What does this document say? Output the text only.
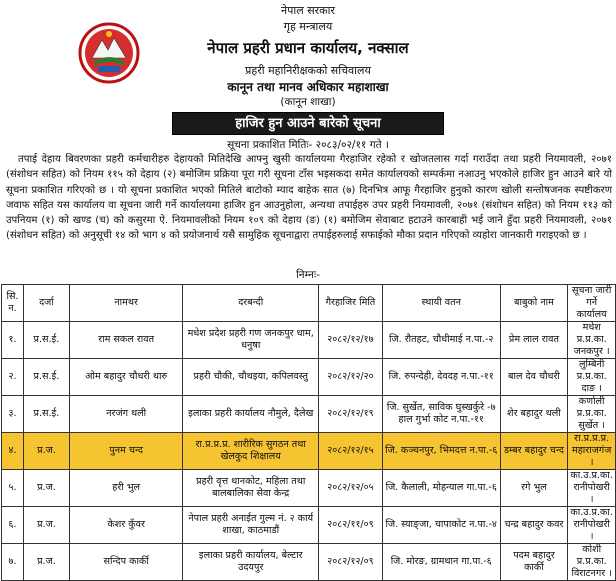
नेपाल सरकार
गृह मन्त्रालय
नेपाल प्रहरी प्रधान कार्यालय, नक्साल
प्रहरी महानिरीक्षकको सचिवालय
कानून तथा मानव अधिकार महाशाखा
(कानून शाखा)
हाजिर हुन आउने बारेको सूचना
सूचना प्रकाशित मितिः- २०८३/०२/११ गते ।

तपाई देहाय बिवरणका प्रहरी कर्मचारीहरु देहायको मितिदेखि आफ्नु खुसी कार्यालयमा गैरहाजिर रहेको र खोजतलास गर्दा गराउँदा तथा प्रहरी नियमावली, २०७१ (संशोधन सहित) को नियम ११५ को देहाय (२) बमोजिम प्रक्रिया पूरा गरी सूचना टाँस भइसकदा समेत कार्यालयको सम्पर्कमा नआउनु भएकोले हाजिर हुन आउने बारे यो सूचना प्रकाशित गरिएको छ । यो सूचना प्रकाशित भएको मितिले बाटोको म्याद बाहेक सात (७) दिनभित्र आफू गैरहाजिर हुनुको कारण खोली सन्तोषजनक स्पष्टीकरण जवाफ सहित यस कार्यालय वा सूचना जारी गर्ने कार्यालयमा हाजिर हुन आउनुहोला, अन्यथा तपाईहरु उपर प्रहरी नियमावली, २०७१ (संशोधन सहित) को नियम ११३ को उपनियम (१) को खण्ड (च) को कसुरमा ऐ. नियमावलीको नियम १०९ को देहाय (ङ) (१) बमोजिम सेवाबाट हटाउने कारबाही भई जाने हुँदा प्रहरी नियमावली, २०७१ (संशोधन सहित) को अनुसूची १४ को भाग ४ को प्रयोजनार्थ यसै सामुहिक सूचनाद्वारा तपाईहरुलाई सफाईको मौका प्रदान गरिएको व्यहोरा जानकारी गराइएको छ ।

निम्नः-
सि. न.	दर्जा	नामथर	दरबन्दी	गैरहाजिर मिति	स्थायी वतन	बाबुको नाम	सूचना जारी गर्ने कार्यालय
१.	प्र.स.ई.	राम सकल रावत	मधेश प्रदेश प्रहरी गण जनकपुर धाम, धनुषा	२०८२/१२/१७	जि. रौतहट, चौधीमाई न.पा.-२	प्रेम लाल रावत	मधेश प्र.प्र.का. जनकपुर ।
२.	प्र.स.ई.	ओम बहादुर चौधरी थारु	प्रहरी चौकी, चौथइया, कपिलवस्तु	२०८२/१२/२०	जि. रुपन्देही, देवदह न.पा.-११	बाल देव चौधरी	लुम्बिनी प्र.प्र.का. दाङ ।
३.	प्र.स.ई.	नरजंग थली	इलाका प्रहरी कार्यालय नौमुले, दैलेख	२०८२/१२/१९	जि. सुर्खेत, साविक घुस्खर्कुरे -७ हाल गुर्भा कोट न.पा.-११	शेर बहादुर थली	कर्णाली प्र.प्र.का. सुर्खेत ।
४.	प्र.ज.	पुनम चन्द	रा.प्र.प्र.प्र. शारीरिक सुगठन तथा खेलकुद शिक्षालय	२०८२/१२/१५	जि. कञ्चनपुर, भिमदत्त न.पा.-६	डम्बर बहादुर चन्द	रा.प्र.प्र.प्र. महाराजगंज ।
५.	प्र.ज.	हरी भुल	प्रहरी वृत्त थानकोट, महिला तथा बालबालिका सेवा केन्द्र	२०८२/१२/०५	जि. कैलाली, मोहन्याल गा.पा.-६	रगे भुल	का.उ.प्र.का. रानीपोखरी ।
६.	प्र.ज.	केशर कुँवर	नेपाल प्रहरी अनाईत गुल्म नं. २ कार्य शाखा, काठमाडौं	२०८२/११/०९	जि. स्याङ्जा, चापाकोट न.पा.-४	चन्द्र बहादुर कवर	का.उ.प्र.का. रानीपोखरी ।
७.	प्र.ज.	सन्दिप कार्की	इलाका प्रहरी कार्यालय, बेल्टार उदयपुर	२०८२/१२/०९	जि. मोरङ, ग्रामथान गा.पा.-६	पदम बहादुर कार्की	कोशी प्र.प्र.का. विराटनगर ।
